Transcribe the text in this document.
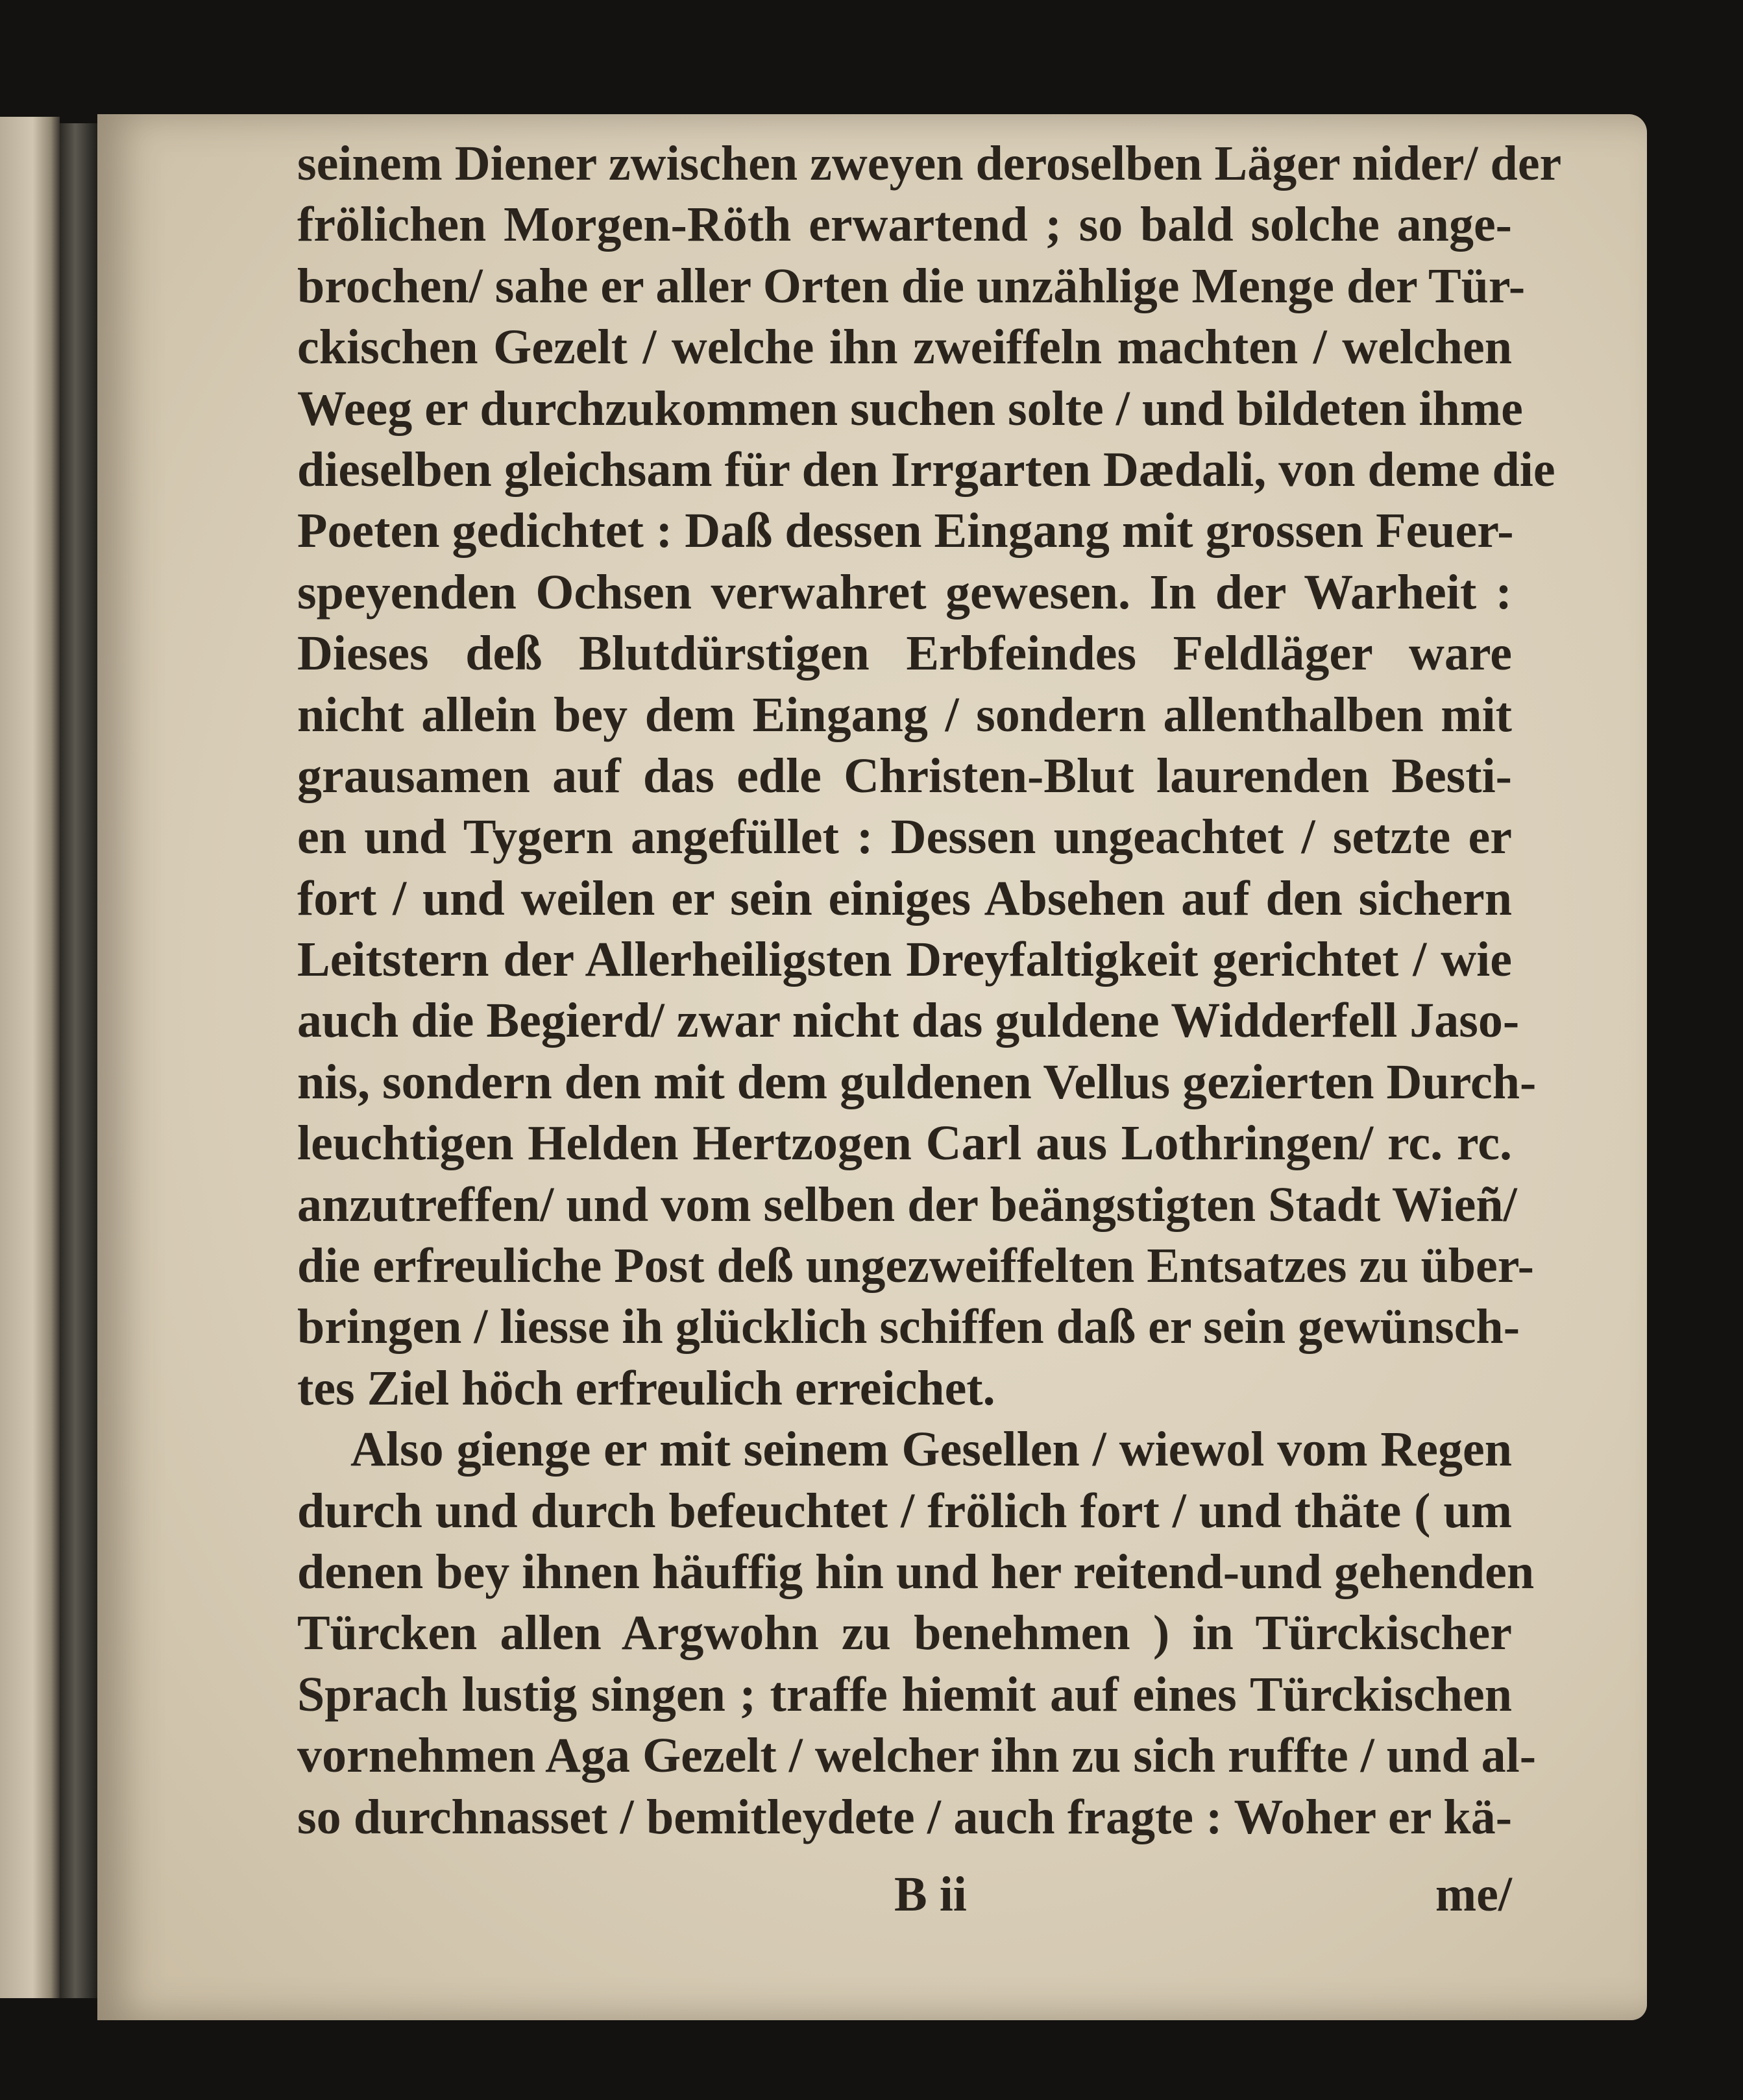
seinem Diener zwischen zweyen deroselben Läger nider/ der
frölichen Morgen-Röth erwartend ; so bald solche ange-
brochen/ sahe er aller Orten die unzählige Menge der Tür-
ckischen Gezelt / welche ihn zweiffeln machten / welchen
Weeg er durchzukommen suchen solte / und bildeten ihme
dieselben gleichsam für den Irrgarten Dædali, von deme die
Poeten gedichtet : Daß dessen Eingang mit grossen Feuer-
speyenden Ochsen verwahret gewesen. In der Warheit :
Dieses deß Blutdürstigen Erbfeindes Feldläger ware
nicht allein bey dem Eingang / sondern allenthalben mit
grausamen auf das edle Christen-Blut laurenden Besti-
en und Tygern angefüllet : Dessen ungeachtet / setzte er
fort / und weilen er sein einiges Absehen auf den sichern
Leitstern der Allerheiligsten Dreyfaltigkeit gerichtet / wie
auch die Begierd/ zwar nicht das guldene Widderfell Jaso-
nis, sondern den mit dem guldenen Vellus gezierten Durch-
leuchtigen Helden Hertzogen Carl aus Lothringen/ rc. rc.
anzutreffen/ und vom selben der beängstigten Stadt Wieñ/
die erfreuliche Post deß ungezweiffelten Entsatzes zu über-
bringen / liesse ih glücklich schiffen daß er sein gewünsch-
tes Ziel höch erfreulich erreichet.
Also gienge er mit seinem Gesellen / wiewol vom Regen
durch und durch befeuchtet / frölich fort / und thäte ( um
denen bey ihnen häuffig hin und her reitend-und gehenden
Türcken allen Argwohn zu benehmen ) in Türckischer
Sprach lustig singen ; traffe hiemit auf eines Türckischen
vornehmen Aga Gezelt / welcher ihn zu sich ruffte / und al-
so durchnasset / bemitleydete / auch fragte : Woher er kä-
B ii	me/
